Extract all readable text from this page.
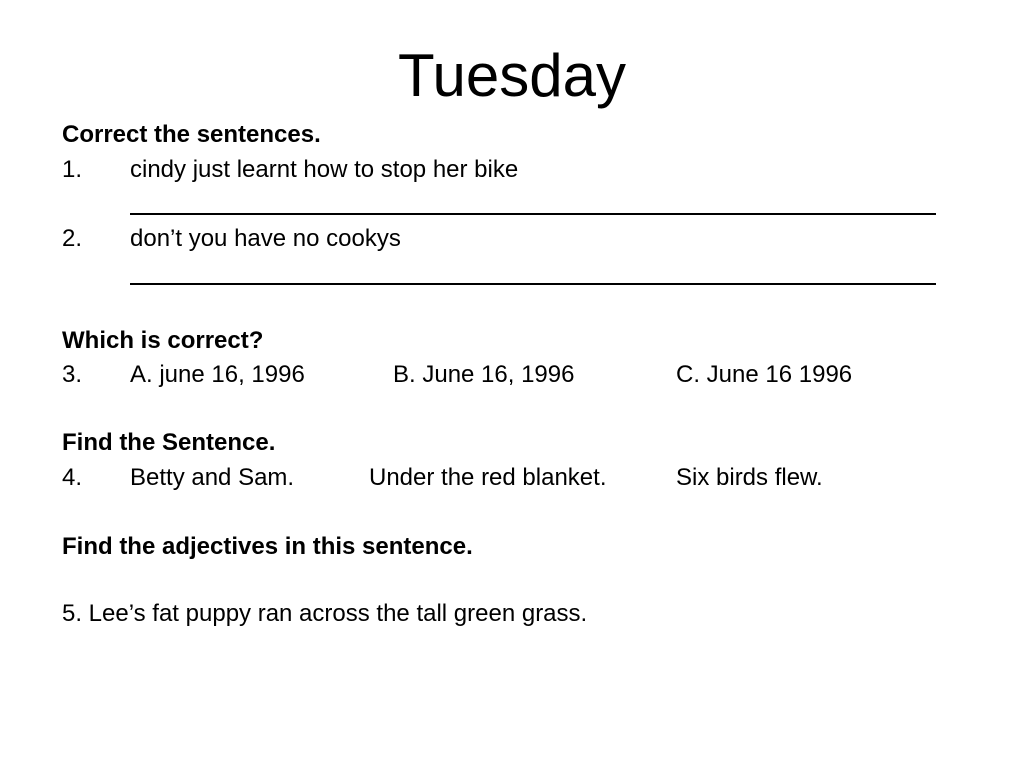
Tuesday
Correct the sentences.
1. cindy just learnt how to stop her bike
2. don’t you have no cookys
Which is correct?
3. A. june 16, 1996	B. June 16, 1996	C. June 16 1996
Find the Sentence.
4. Betty and Sam.	Under the red blanket.	Six birds flew.
Find the adjectives in this sentence.
5. Lee’s fat puppy ran across the tall green grass.
